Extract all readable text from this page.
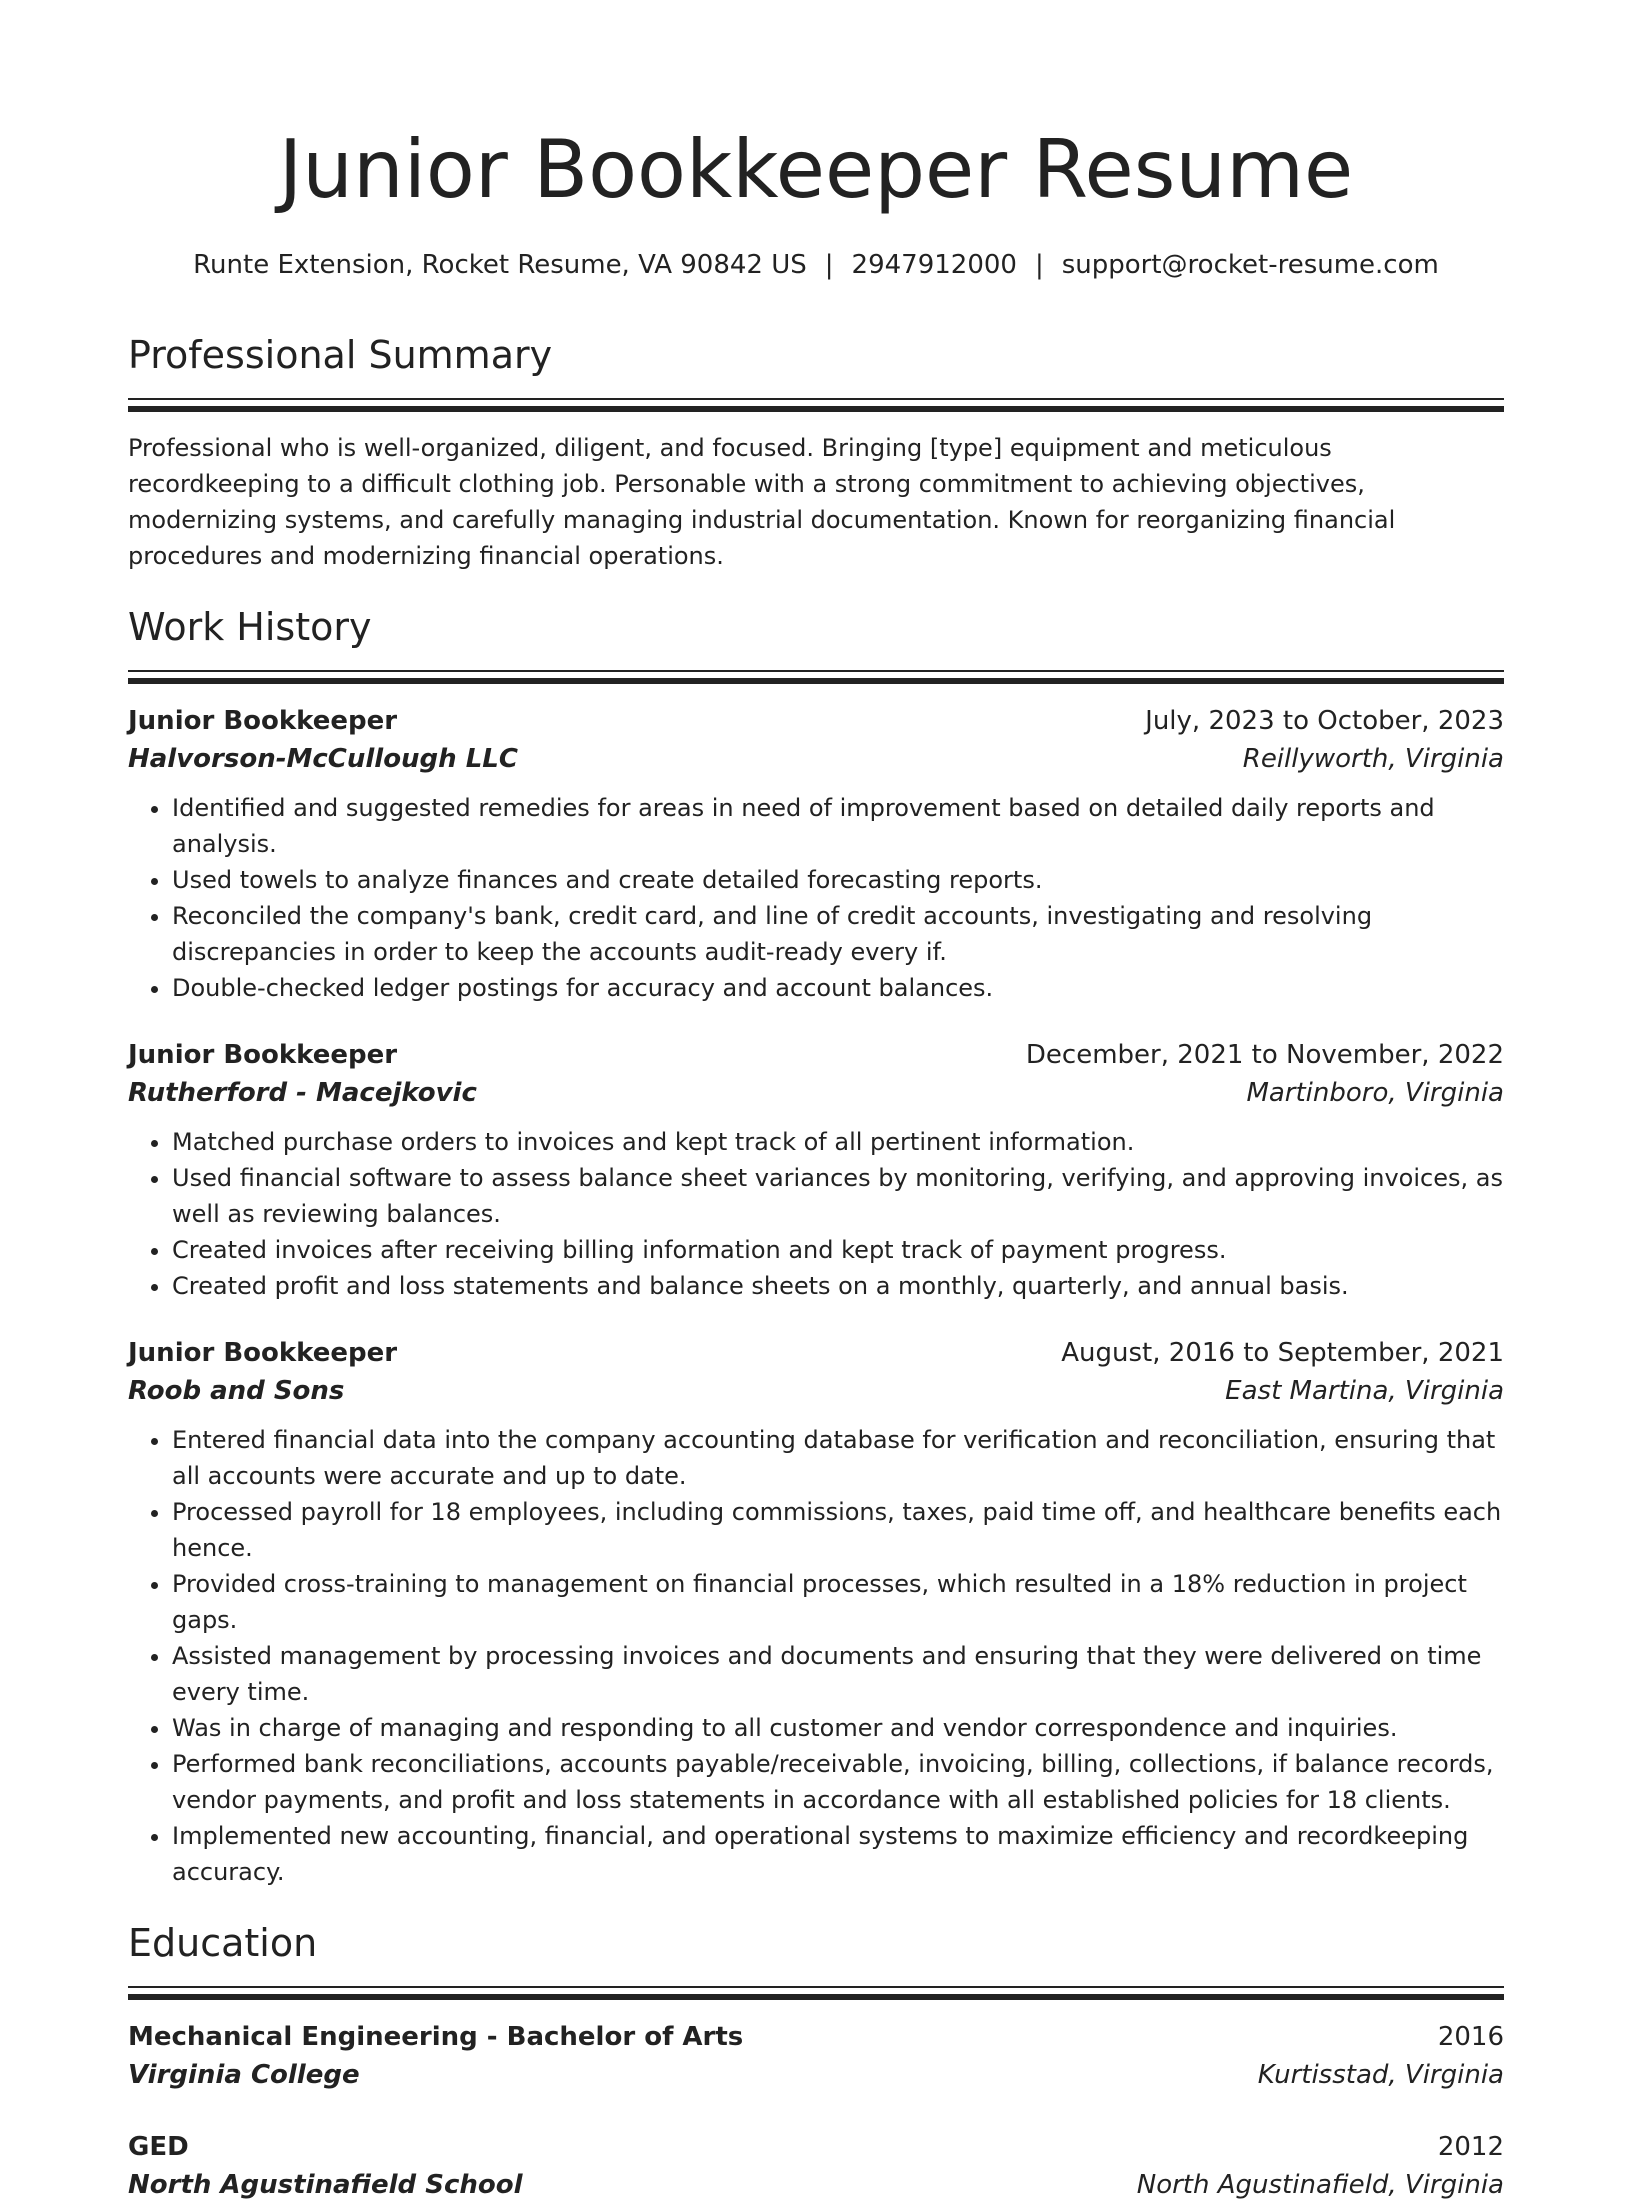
Junior Bookkeeper Resume
Runte Extension, Rocket Resume, VA 90842 US | 2947912000 | support@rocket-resume.com
Professional Summary

Professional who is well-organized, diligent, and focused. Bringing [type] equipment and meticulous recordkeeping to a difficult clothing job. Personable with a strong commitment to achieving objectives, modernizing systems, and carefully managing industrial documentation. Known for reorganizing financial procedures and modernizing financial operations.

Work History
Junior Bookkeeper	July, 2023 to October, 2023
Halvorson-McCullough LLC	Reillyworth, Virginia
• Identified and suggested remedies for areas in need of improvement based on detailed daily reports and analysis.
• Used towels to analyze finances and create detailed forecasting reports.
• Reconciled the company's bank, credit card, and line of credit accounts, investigating and resolving discrepancies in order to keep the accounts audit-ready every if.
• Double-checked ledger postings for accuracy and account balances.
Junior Bookkeeper	December, 2021 to November, 2022
Rutherford - Macejkovic	Martinboro, Virginia
• Matched purchase orders to invoices and kept track of all pertinent information.
• Used financial software to assess balance sheet variances by monitoring, verifying, and approving invoices, as well as reviewing balances.
• Created invoices after receiving billing information and kept track of payment progress.
• Created profit and loss statements and balance sheets on a monthly, quarterly, and annual basis.
Junior Bookkeeper	August, 2016 to September, 2021
Roob and Sons	East Martina, Virginia
• Entered financial data into the company accounting database for verification and reconciliation, ensuring that all accounts were accurate and up to date.
• Processed payroll for 18 employees, including commissions, taxes, paid time off, and healthcare benefits each hence.
• Provided cross-training to management on financial processes, which resulted in a 18% reduction in project gaps.
• Assisted management by processing invoices and documents and ensuring that they were delivered on time every time.
• Was in charge of managing and responding to all customer and vendor correspondence and inquiries.
• Performed bank reconciliations, accounts payable/receivable, invoicing, billing, collections, if balance records, vendor payments, and profit and loss statements in accordance with all established policies for 18 clients.
• Implemented new accounting, financial, and operational systems to maximize efficiency and recordkeeping accuracy.
Education
Mechanical Engineering - Bachelor of Arts	2016
Virginia College	Kurtisstad, Virginia
GED	2012
North Agustinafield School	North Agustinafield, Virginia
